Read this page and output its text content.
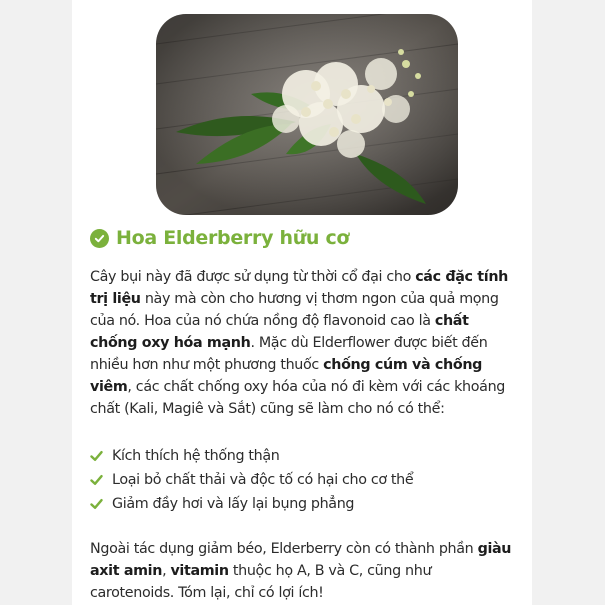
Hoa Elderberry hữu cơ

Cây bụi này đã được sử dụng từ thời cổ đại cho các đặc tính trị liệu này mà còn cho hương vị thơm ngon của quả mọng của nó. Hoa của nó chứa nồng độ flavonoid cao là chất chống oxy hóa mạnh. Mặc dù Elderflower được biết đến nhiều hơn như một phương thuốc chống cúm và chống viêm, các chất chống oxy hóa của nó đi kèm với các khoáng chất (Kali, Magiê và Sắt) cũng sẽ làm cho nó có thể:

Kích thích hệ thống thận
Loại bỏ chất thải và độc tố có hại cho cơ thể
Giảm đầy hơi và lấy lại bụng phẳng

Ngoài tác dụng giảm béo, Elderberry còn có thành phần giàu axit amin, vitamin thuộc họ A, B và C, cũng như carotenoids. Tóm lại, chỉ có lợi ích!
